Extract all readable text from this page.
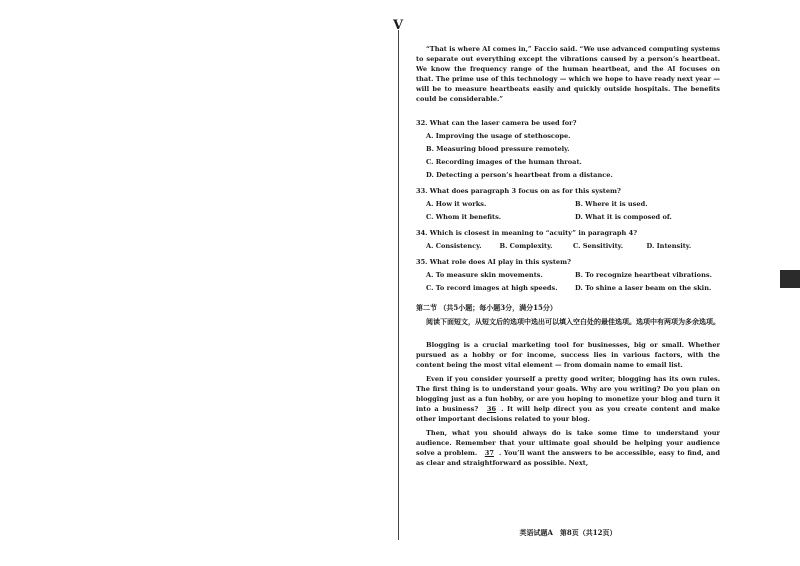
V

“That is where AI comes in,” Faccio said. “We use advanced computing systems to separate out everything except the vibrations caused by a person’s heartbeat. We know the frequency range of the human heartbeat, and the AI focuses on that. The prime use of this technology — which we hope to have ready next year — will be to measure heartbeats easily and quickly outside hospitals. The benefits could be considerable.”

32. What can the laser camera be used for?
A. Improving the usage of stethoscope.
B. Measuring blood pressure remotely.
C. Recording images of the human throat.
D. Detecting a person’s heartbeat from a distance.
33. What does paragraph 3 focus on as for this system?
A. How it works.	B. Where it is used.
C. Whom it benefits.	D. What it is composed of.
34. Which is closest in meaning to “acuity” in paragraph 4?
A. Consistency.	B. Complexity.	C. Sensitivity.	D. Intensity.
35. What role does AI play in this system?
A. To measure skin movements.	B. To recognize heartbeat vibrations.
C. To record images at high speeds.	D. To shine a laser beam on the skin.
第二节 （共5小题；每小题3分，满分15分）

阅读下面短文，从短文后的选项中选出可以填入空白处的最佳选项。选项中有两项为多余选项。

Blogging is a crucial marketing tool for businesses, big or small. Whether pursued as a hobby or for income, success lies in various factors, with the content being the most vital element — from domain name to email list.

Even if you consider yourself a pretty good writer, blogging has its own rules. The first thing is to understand your goals. Why are you writing? Do you plan on blogging just as a fun hobby, or are you hoping to monetize your blog and turn it into a business? 36 . It will help direct you as you create content and make other important decisions related to your blog.

Then, what you should always do is take some time to understand your audience. Remember that your ultimate goal should be helping your audience solve a problem. 37 . You’ll want the answers to be accessible, easy to find, and as clear and straightforward as possible. Next,

英语试题A　第8页（共12页）
